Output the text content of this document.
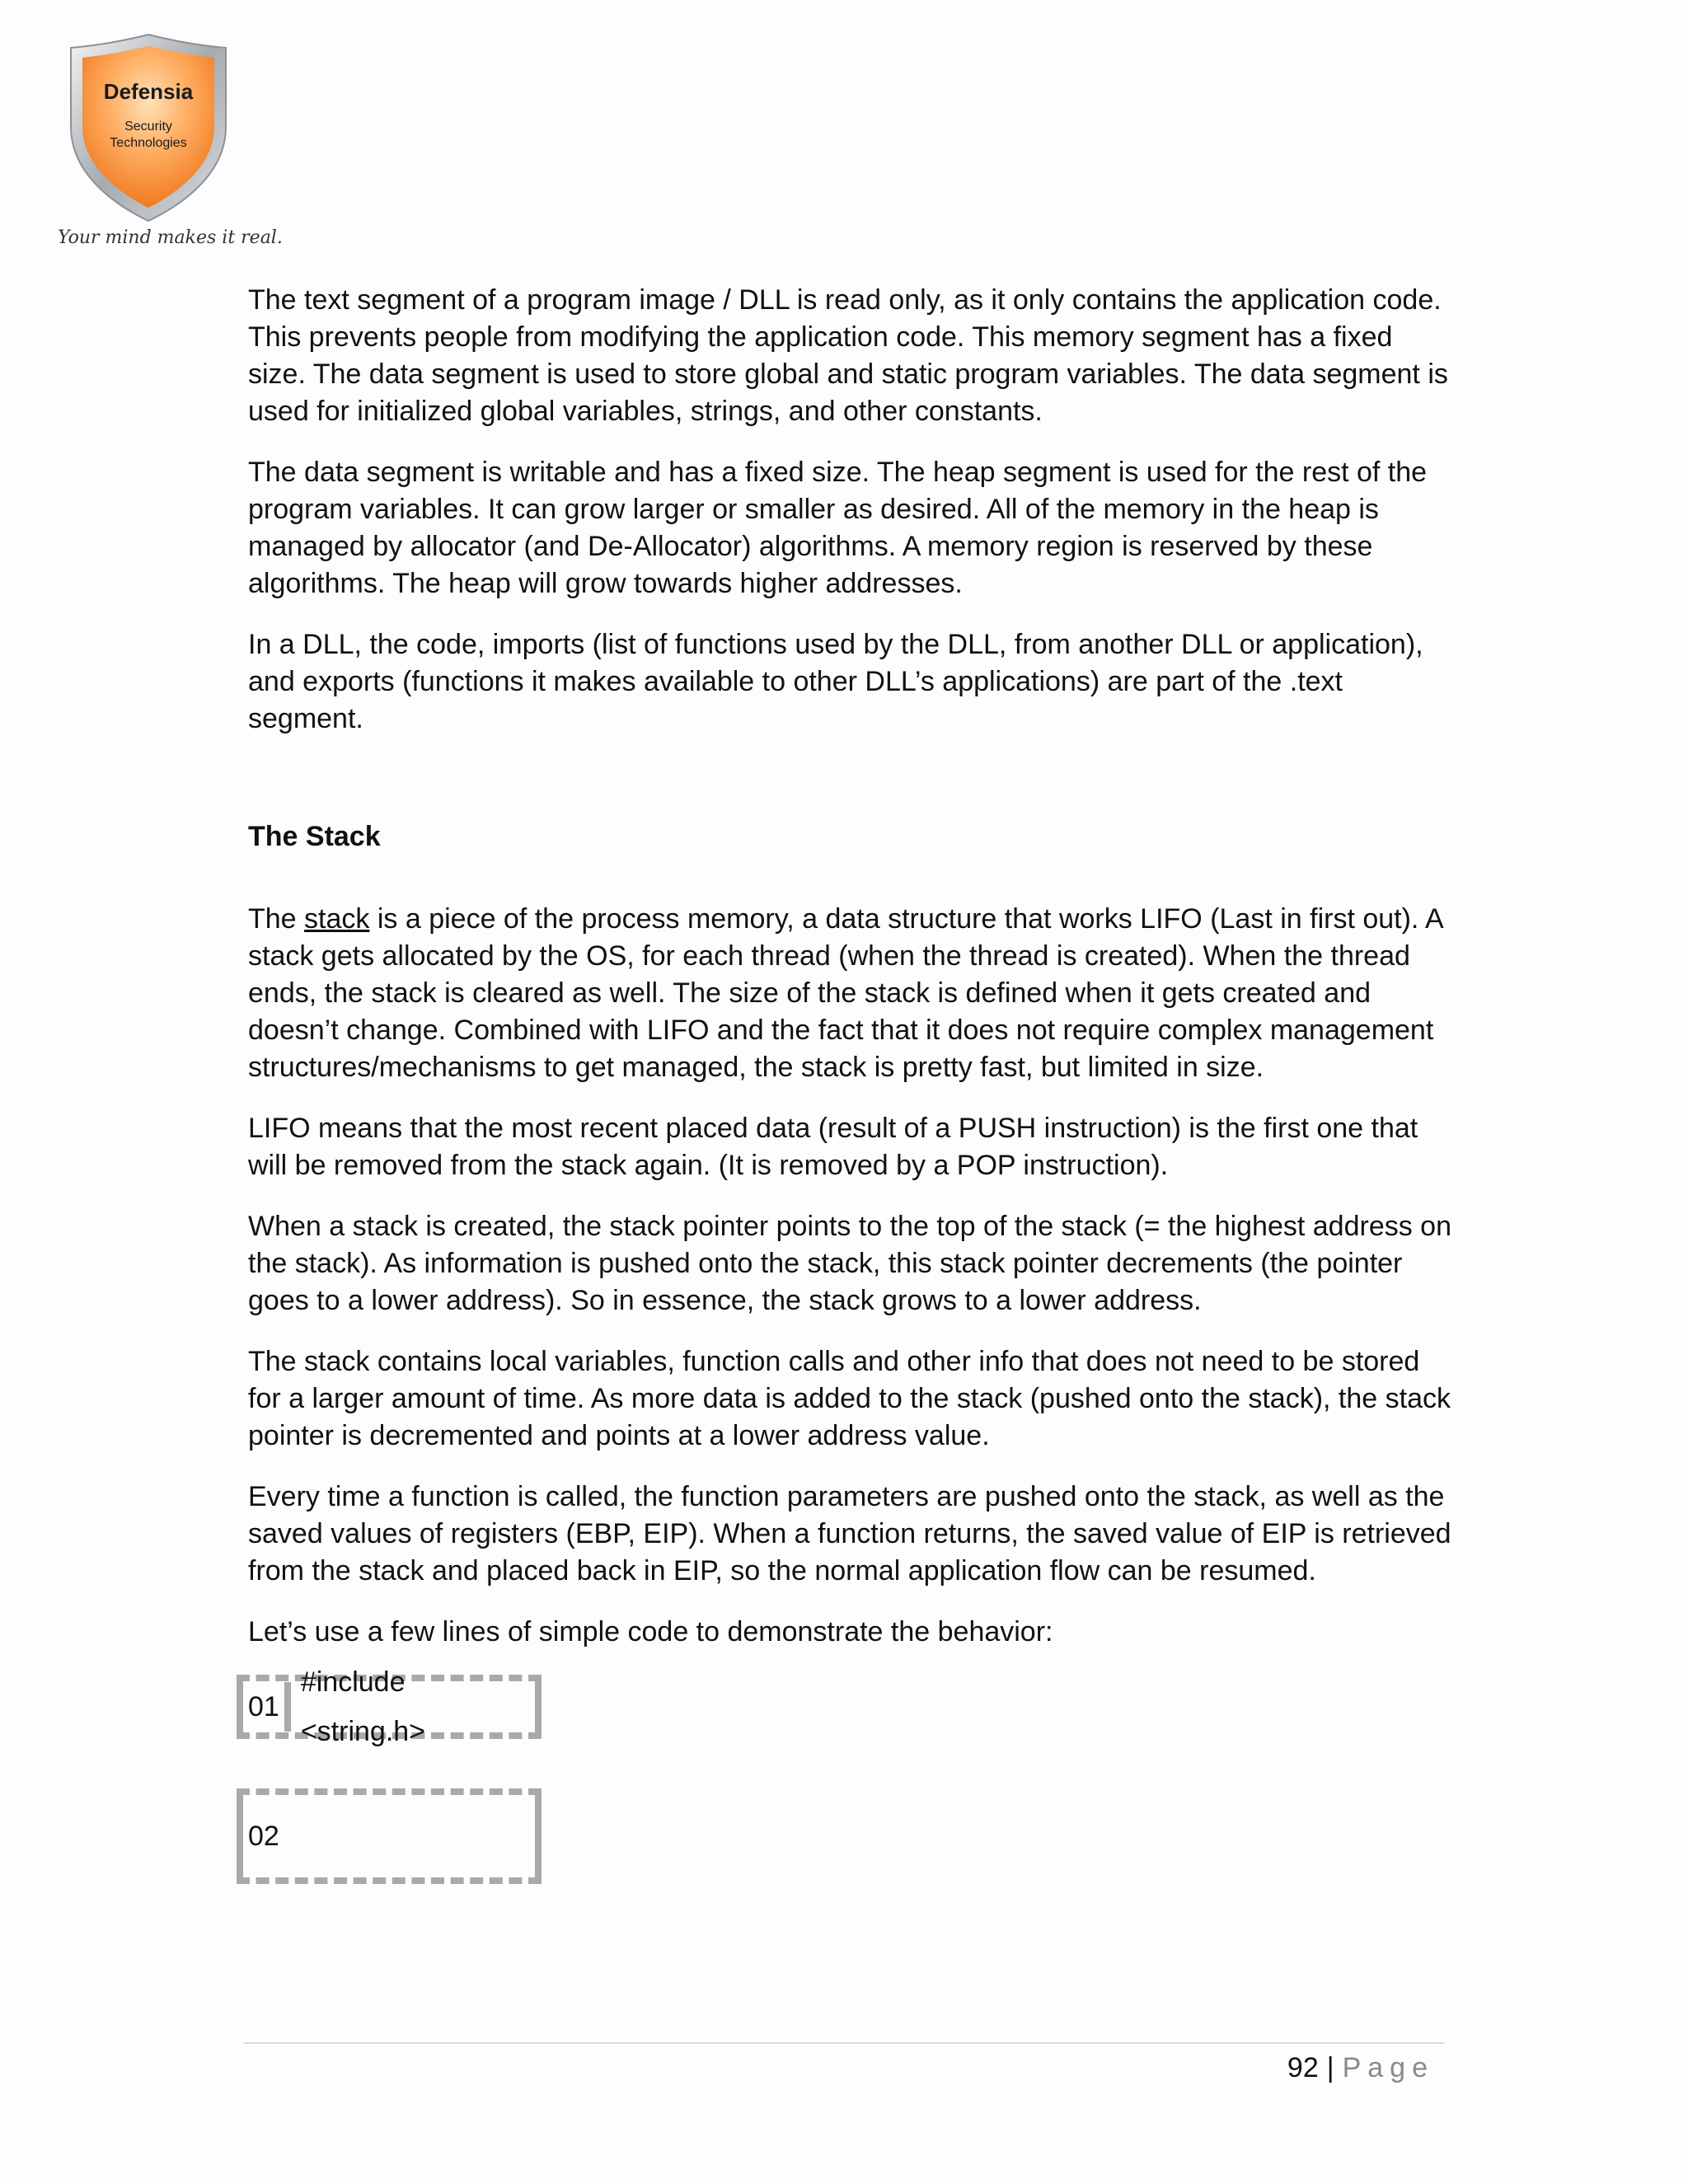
Defensia
Security
Technologies
Your mind makes it real.

The text segment of a program image / DLL is read only, as it only contains the application code. This prevents people from modifying the application code. This memory segment has a fixed size. The data segment is used to store global and static program variables. The data segment is used for initialized global variables, strings, and other constants.

The data segment is writable and has a fixed size. The heap segment is used for the rest of the program variables. It can grow larger or smaller as desired. All of the memory in the heap is managed by allocator (and De-Allocator) algorithms. A memory region is reserved by these algorithms. The heap will grow towards higher addresses.

In a DLL, the code, imports (list of functions used by the DLL, from another DLL or application), and exports (functions it makes available to other DLL’s applications) are part of the .text segment.

The Stack

The stack is a piece of the process memory, a data structure that works LIFO (Last in first out). A stack gets allocated by the OS, for each thread (when the thread is created). When the thread ends, the stack is cleared as well. The size of the stack is defined when it gets created and doesn’t change. Combined with LIFO and the fact that it does not require complex management structures/mechanisms to get managed, the stack is pretty fast, but limited in size.

LIFO means that the most recent placed data (result of a PUSH instruction) is the first one that will be removed from the stack again. (It is removed by a POP instruction).

When a stack is created, the stack pointer points to the top of the stack (= the highest address on the stack). As information is pushed onto the stack, this stack pointer decrements (the pointer goes to a lower address). So in essence, the stack grows to a lower address.

The stack contains local variables, function calls and other info that does not need to be stored for a larger amount of time. As more data is added to the stack (pushed onto the stack), the stack pointer is decremented and points at a lower address value.

Every time a function is called, the function parameters are pushed onto the stack, as well as the saved values of registers (EBP, EIP). When a function returns, the saved value of EIP is retrieved from the stack and placed back in EIP, so the normal application flow can be resumed.

Let’s use a few lines of simple code to demonstrate the behavior:

01
#include <string.h>
02
92 | Page
